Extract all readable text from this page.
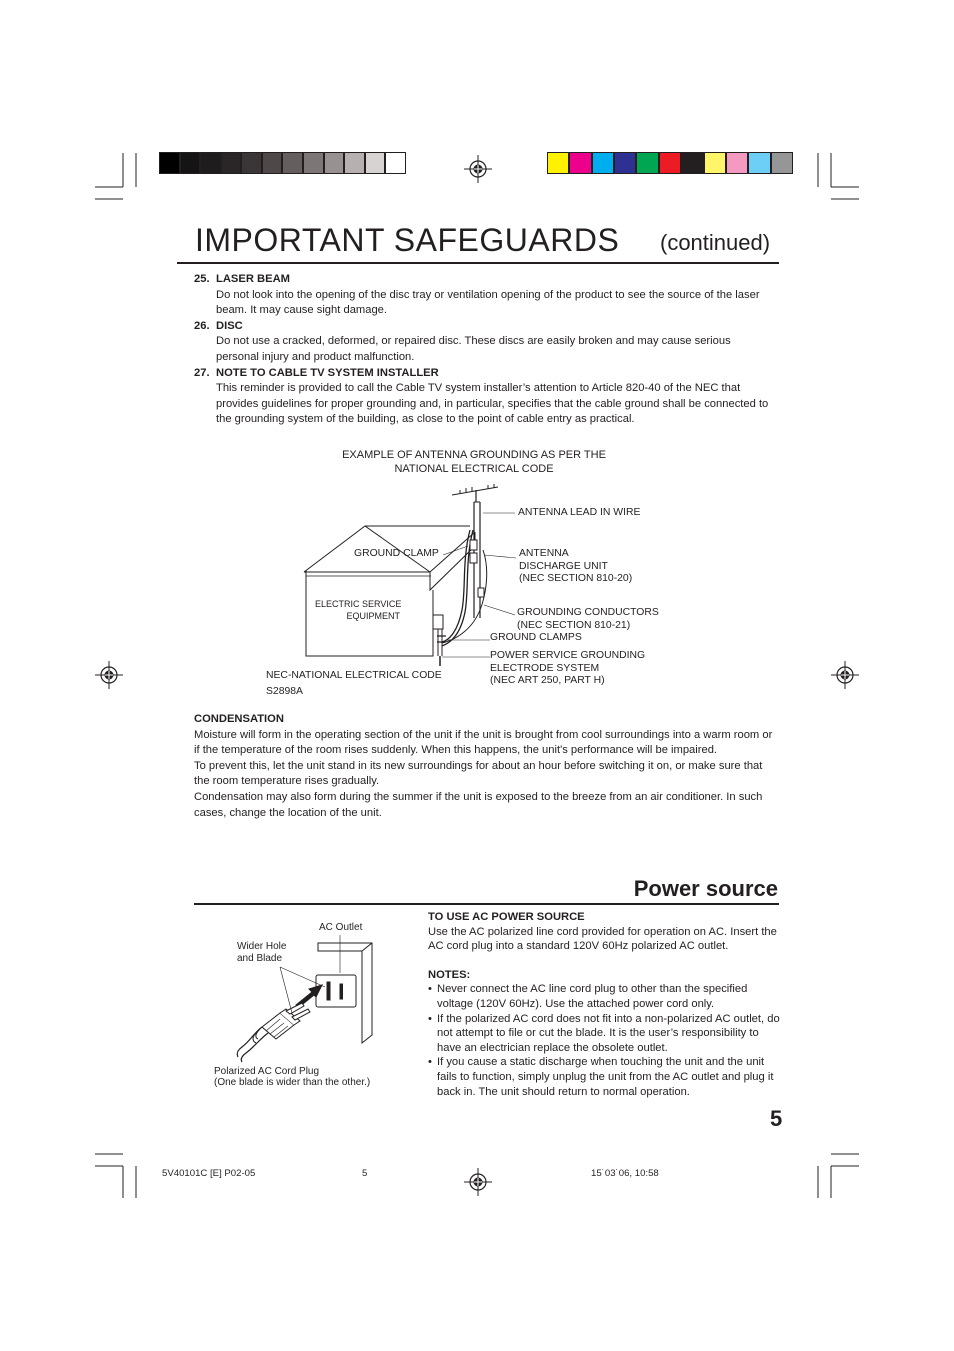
IMPORTANT SAFEGUARDS (continued)
25. LASER BEAM
Do not look into the opening of the disc tray or ventilation opening of the product to see the source of the laser beam. It may cause sight damage.
26. DISC
Do not use a cracked, deformed, or repaired disc. These discs are easily broken and may cause serious personal injury and product malfunction.
27. NOTE TO CABLE TV SYSTEM INSTALLER
This reminder is provided to call the Cable TV system installer’s attention to Article 820-40 of the NEC that provides guidelines for proper grounding and, in particular, specifies that the cable ground shall be connected to the grounding system of the building, as close to the point of cable entry as practical.
EXAMPLE OF ANTENNA GROUNDING AS PER THE
NATIONAL ELECTRICAL CODE
ANTENNA LEAD IN WIRE
GROUND CLAMP	ANTENNA
DISCHARGE UNIT
(NEC SECTION 810-20)
ELECTRIC SERVICE
EQUIPMENT	GROUNDING CONDUCTORS
(NEC SECTION 810-21)
GROUND CLAMPS
POWER SERVICE GROUNDING
ELECTRODE SYSTEM
(NEC ART 250, PART H)
NEC-NATIONAL ELECTRICAL CODE
S2898A
CONDENSATION

Moisture will form in the operating section of the unit if the unit is brought from cool surroundings into a warm room or if the temperature of the room rises suddenly. When this happens, the unit's performance will be impaired.

To prevent this, let the unit stand in its new surroundings for about an hour before switching it on, or make sure that the room temperature rises gradually.

Condensation may also form during the summer if the unit is exposed to the breeze from an air conditioner. In such cases, change the location of the unit.

Power source
AC Outlet
Wider Hole
and Blade
Polarized AC Cord Plug
(One blade is wider than the other.)
TO USE AC POWER SOURCE

Use the AC polarized line cord provided for operation on AC. Insert the AC cord plug into a standard 120V 60Hz polarized AC outlet.

NOTES:
• Never connect the AC line cord plug to other than the specified voltage (120V 60Hz). Use the attached power cord only.
• If the polarized AC cord does not fit into a non-polarized AC outlet, do not attempt to file or cut the blade. It is the user’s responsibility to have an electrician replace the obsolete outlet.
• If you cause a static discharge when touching the unit and the unit fails to function, simply unplug the unit from the AC outlet and plug it back in. The unit should return to normal operation.
5
5V40101C [E] P02-05	5	15˙03˙06, 10:58
